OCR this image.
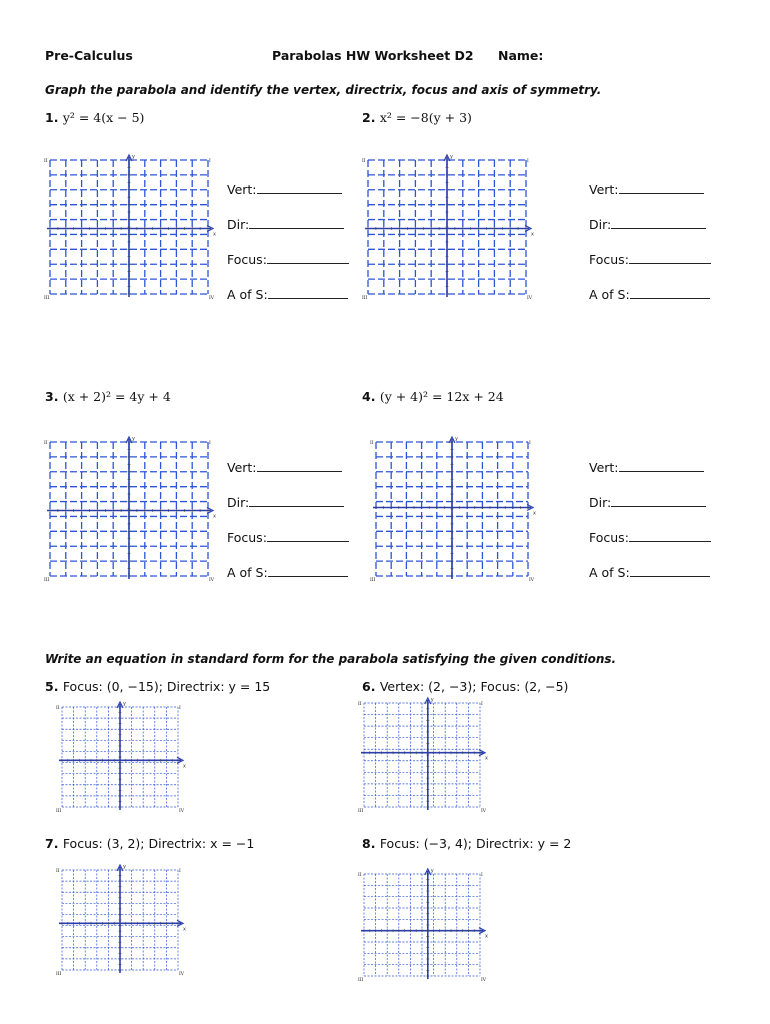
Pre-Calculus	Parabolas HW Worksheet D2 Name:
Graph the parabola and identify the vertex, directrix, focus and axis of symmetry.
1. y² = 4(x − 5)	2. x² = −8(y + 3)
y
x
II	I
III	IV
y
x
II	I
III	IV
Vert:
Dir:
Focus:
A of S:
Vert:
Dir:
Focus:
A of S:
3. (x + 2)² = 4y + 4	4. (y + 4)² = 12x + 24
y
x
II	I
III	IV
y
x
II	I
III	IV
Vert:
Dir:
Focus:
A of S:
Vert:
Dir:
Focus:
A of S:
Write an equation in standard form for the parabola satisfying the given conditions.
5. Focus: (0, −15); Directrix: y = 15	6. Vertex: (2, −3); Focus: (2, −5)
y
x
II	I
III	IV
y
x
II	I
III	IV
7. Focus: (3, 2); Directrix: x = −1	8. Focus: (−3, 4); Directrix: y = 2
y
x
II	I
III	IV
y
x
II	I
III	IV
